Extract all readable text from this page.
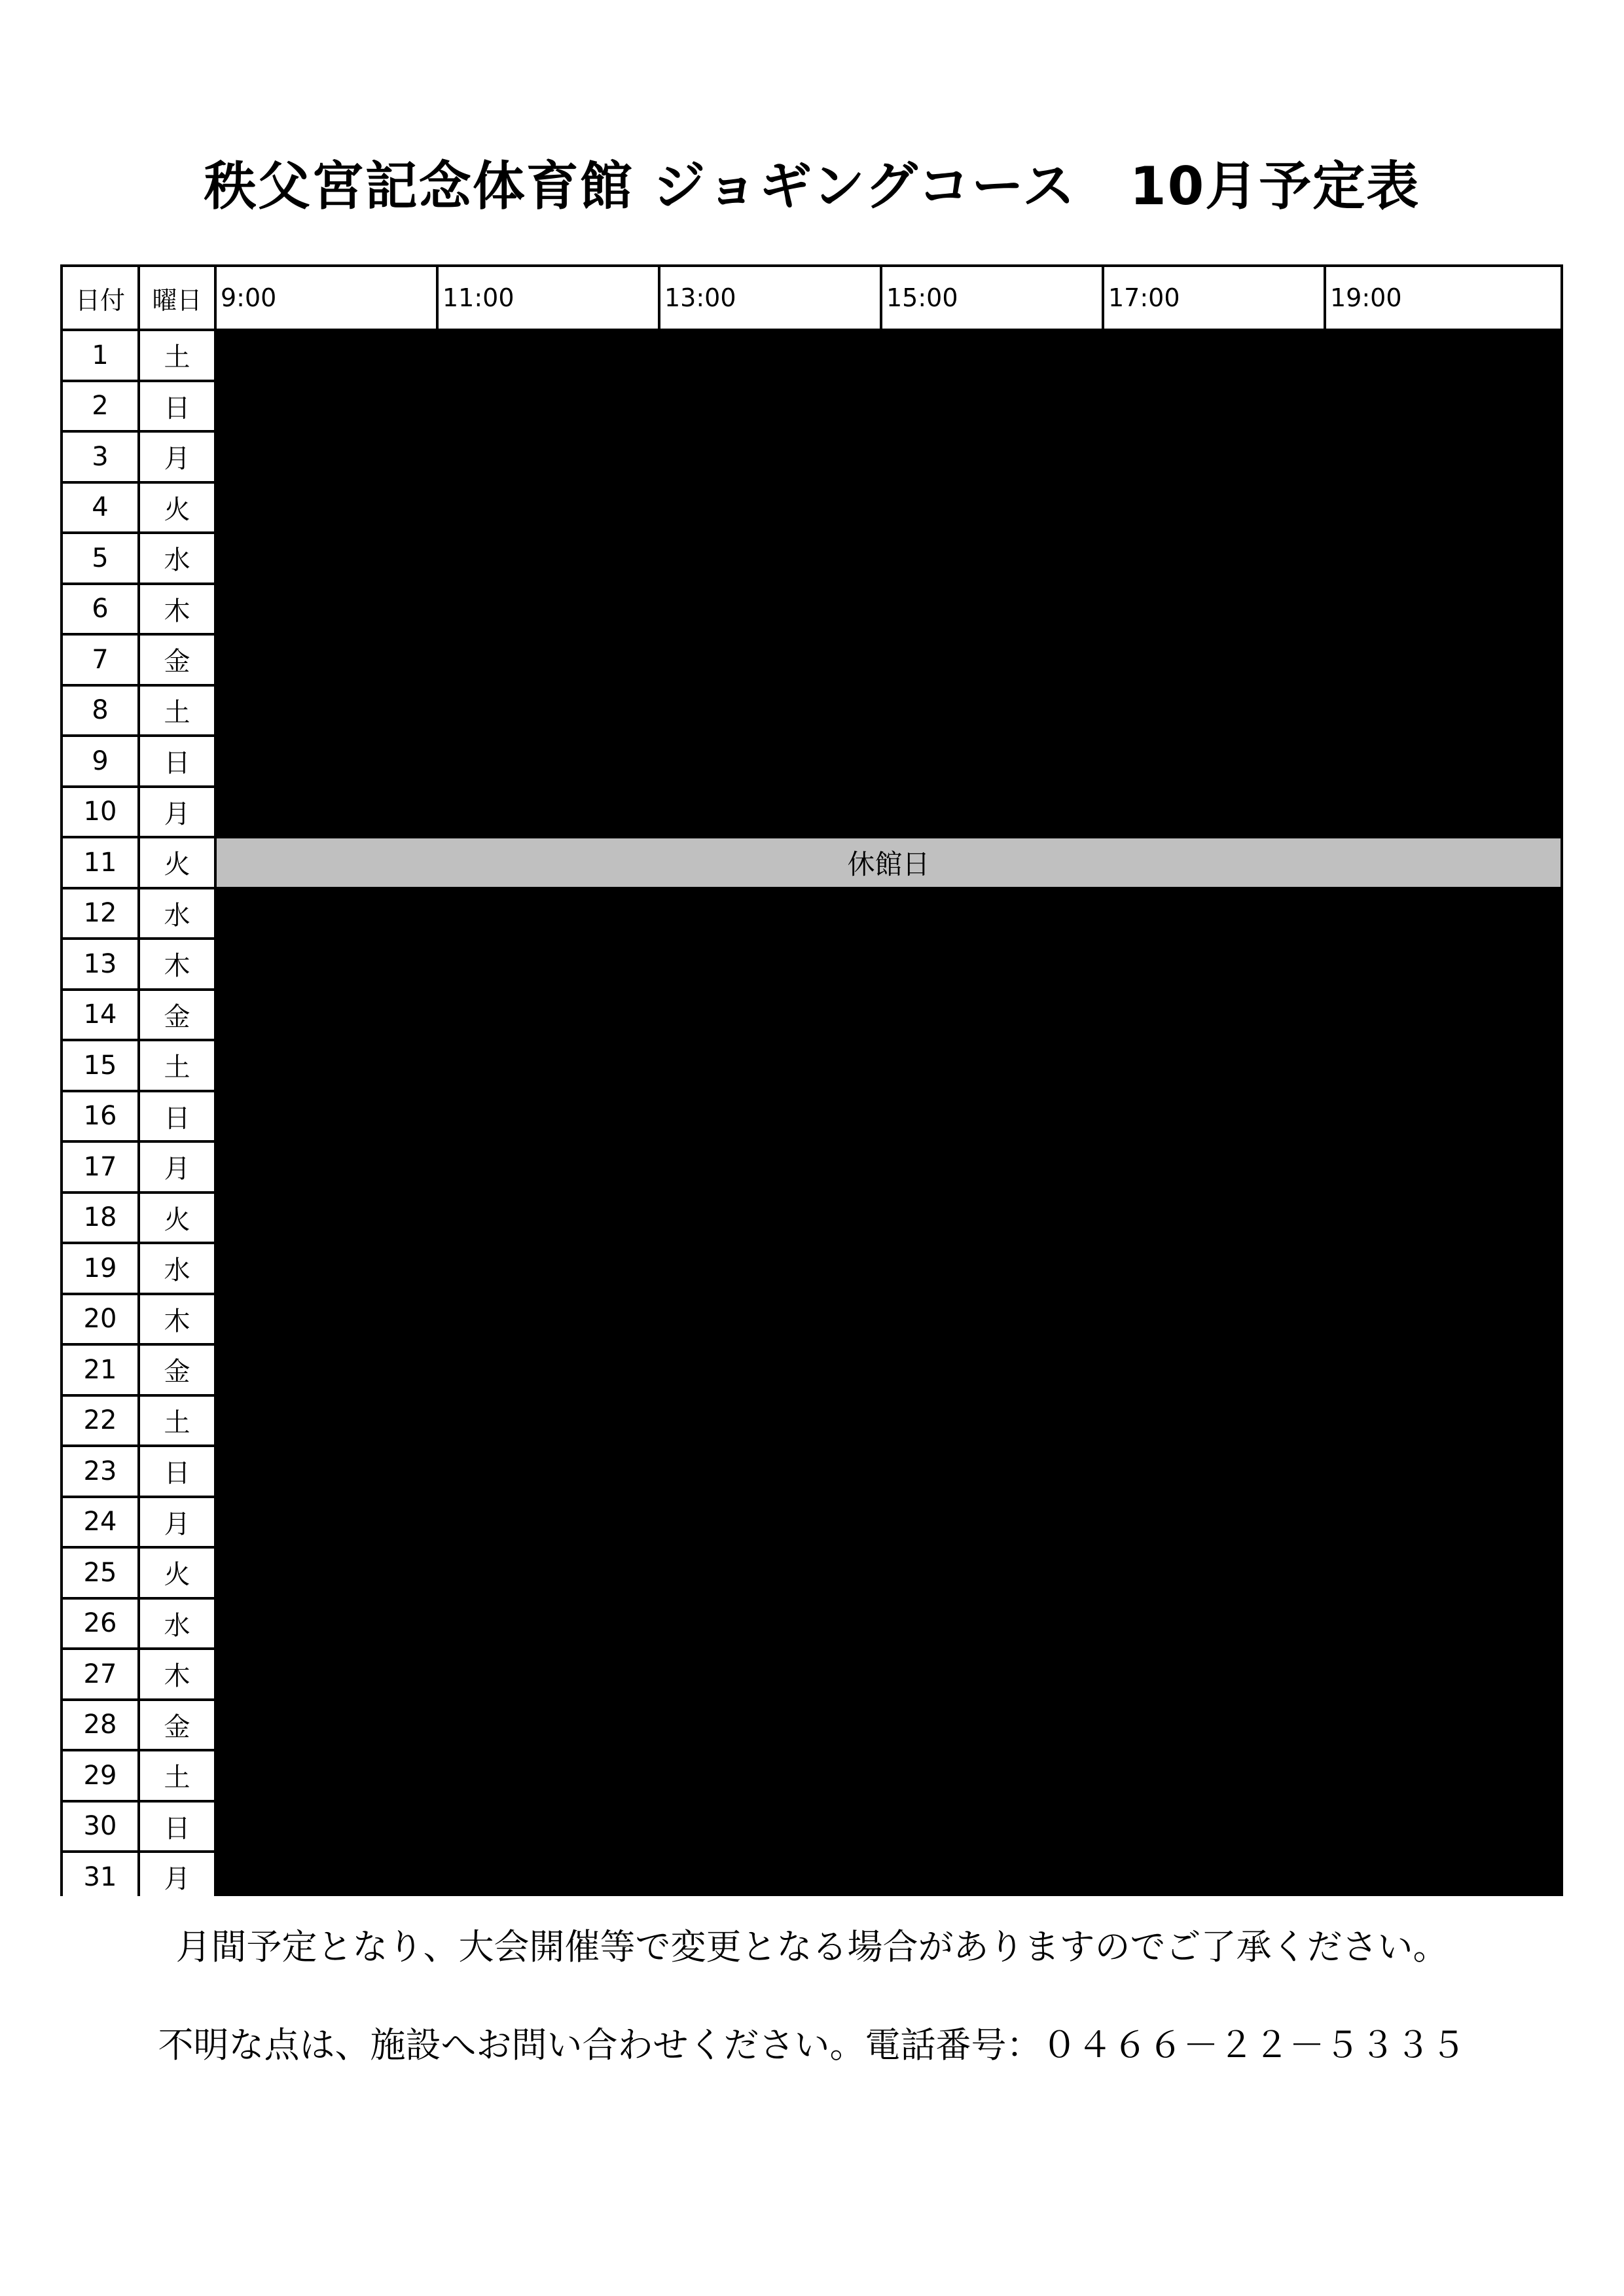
秩父宮記念体育館 ジョギングコース　10月予定表
日付	曜日 9:00	11:00	13:00	15:00	17:00	19:00
1	土	×利用不可	〇利用可能
2	日	〇利用可能
3	月	〇利用可能
4	火	〇利用可能
5	水	×利用不可	〇利用可能
6	木	〇利用可能
7	金	〇利用可能
8	土	×利用不可	〇利用可能
9	日	×利用不可	〇利用可能
10	月	×利用不可	〇利用可能
11	火	休館日
12	水	×利用不可	〇利用可能
13	木	〇利用可能
14	金	〇利用可能
15	土	×利用不可	〇利用可能
16	日	×利用不可
17	月	〇利用可能
18	火	〇利用可能
19	水	〇利用可能
20	木	〇利用可能
21	金	〇利用可能
22	土	×利用不可
23	日	×利用不可
24	月	〇利用可能
25	火	〇利用可能
26	水	×利用不可	〇利用可能
27	木	〇利用可能
28	金	×利用不可	〇利用可能
29	土	×利用不可
30	日	×利用不可
31	月	×利用不可	〇利用可能
月間予定となり、大会開催等で変更となる場合がありますのでご了承ください。
不明な点は、施設へお問い合わせください。電話番号：０４６６－２２－５３３５
